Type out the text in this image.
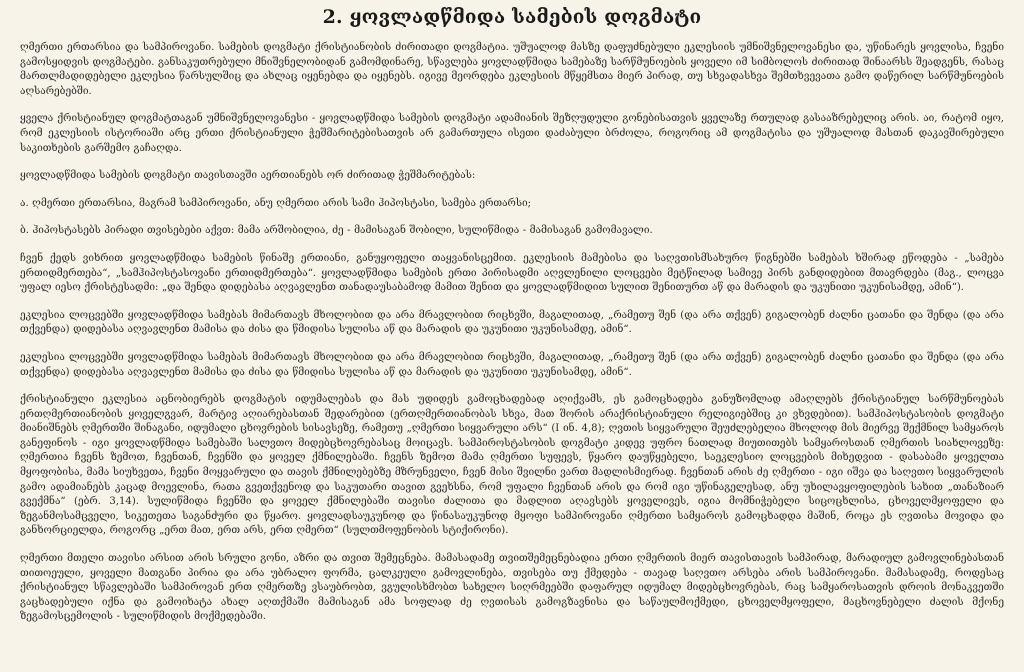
2. ყოვლადწმიდა სამების დოგმატი

ღმერთი ერთარსია და სამპიროვანი. სამების დოგმატი ქრისტიანობის ძირითადი დოგმატია. უშუალოდ მასზე დაფუძნებული ეკლესიის უმნიშვნელოვანესი და, უწინარეს ყოვლისა, ჩვენი გამოსყიდვის დოგმატები. განსაკუთრებული მნიშვნელობიდან გამომდინარე, სწავლება ყოვლადწმიდა სამებაზე სარწმუნოების ყოველი იმ სიმბოლოს ძირითად შინაარსს შეადგენს, რასაც მართლმადიდებელი ეკლესია წარსულშიც და ახლაც იყენებდა და იყენებს. იგივე მეორდება ეკლესიის მწყემსთა მიერ პირად, თუ სხვადასხვა შემთხვევათა გამო დაწერილ სარწმუნოების აღსარებებში.

ყველა ქრისტიანულ დოგმატთაგან უმნიშვნელოვანესი - ყოვლადწმიდა სამების დოგმატი ადამიანის შეზღუდული გონებისათვის ყველაზე რთულად გასააზრებელიც არის. აი, რატომ იყო, რომ ეკლესიის ისტორიაში არც ერთი ქრისტიანული ჭეშმარიტებისათვის არ გამართულა ისეთი დაძაბული ბრძოლა, როგორიც ამ დოგმატისა და უშუალოდ მასთან დაკავშირებული საკითხების გარშემო გაჩაღდა.

ყოვლადწმიდა სამების დოგმატი თავისთავში აერთიანებს ორ ძირითად ჭეშმარიტებას:

ა. ღმერთი ერთარსია, მაგრამ სამპიროვანი, ანუ ღმერთი არის სამი ჰიპოსტასი, სამება ერთარსი;

ბ. ჰიპოსტასებს პირადი თვისებები აქვთ: მამა არშობილია, ძე - მამისაგან შობილი, სულიწმიდა - მამისაგან გამომავალი.

ჩვენ ქედს ვიხრით ყოვლადწმიდა სამების წინაშე ერთიანი, განუყოფელი თაყვანისცემით. ეკლესიის მამებისა და საღვთისმსახურო წიგნებში სამებას ხშირად ეწოდება - „სამება ერთიდმერთება“, „სამჰიპოსტასოვანი ერთიდმერთება“. ყოვლადწმიდა სამების ერთი პირისადმი აღვლენილი ლოცვები მეტწილად სამივე პირს განდიდებით მთავრდება (მაგ., ლოცვა უფალ იესო ქრისტესადმი: „და შენდა დიდებასა აღვავლენთ თანადაუსაბამოდ მამით შენით და ყოვლადწმიდით სულით შენითურთ აწ და მარადის და უკუნითი უკუნისამდე, ამინ“).

ეკლესია ლოცვებში ყოვლადწმიდა სამებას მიმართავს მხოლობით და არა მრავლობით რიცხვში, მაგალითად, „რამეთუ შენ (და არა თქვენ) გიგალობენ ძალნი ცათანი და შენდა (და არა თქვენდა) დიდებასა აღვავლენთ მამისა და ძისა და წმიდისა სულისა აწ და მარადის და უკუნითი უკუნისამდე, ამინ“.

ეკლესია ლოცვებში ყოვლადწმიდა სამებას მიმართავს მხოლობით და არა მრავლობით რიცხვში, მაგალითად, „რამეთუ შენ (და არა თქვენ) გიგალობენ ძალნი ცათანი და შენდა (და არა თქვენდა) დიდებასა აღვავლენთ მამისა და ძისა და წმიდისა სულისა აწ და მარადის და უკუნითი უკუნისამდე, ამინ“.

ქრისტიანული ეკლესია აცნობიერებს დოგმატის იდუმალებას და მას უდიდეს გამოცხადებად აღიქვამს, ეს გამოცხადება განუზომლად ამაღლებს ქრისტიანულ სარწმუნოებას ერთღმერთიანობის ყოველგვარ, მარტივ აღიარებასთან შედარებით (ერთღმერთიანობას სხვა, მათ შორის არაქრისტიანული რელიგიებშიც კი ვხვდებით). სამჰიპოსტასობის დოგმატი მიანიშნებს ღმერთში შინაგანი, იდუმალი ცხოვრების სისავსეზე, რამეთუ „ღმერთი სიყვარული არს“ (I ინ. 4,8); ღვთის სიყვარული შეუძლებელია მხოლოდ მის მიერვე შექმნილ სამყაროს განეფინოს - იგი ყოვლადწმიდა სამებაში სალვთო მიდებცხოვრებასაც მოიცავს. სამპიროსტასობის დოგმატი კიდევ უფრო ნათლად მიუთითებს სამყაროსთან ღმერთის სიახლოვეზე: ღმერთია ჩვენს ზემოთ, ჩვენთან, ჩვენში და ყოველ ქმნილებაში. ჩვენს ზემოთ მამა ღმერთი სუფევს, წყარო დაუწყებელი, საეკლესიო ლოცვების მიხედვით - დასაბამი ყოველთა მყოფობისა, მამა სიუხვეთა, ჩვენი მოყვარული და თავის ქმნილებებზე მზრუნველი, ჩვენ მისი შვილნი ვართ მადლისმიერად. ჩვენთან არის ძე ღმერთი - იგი იშვა და საღვთო სიყვარულის გამო ადამიანებს კაცად მოევლინა, რათა გვეთქვენოდ და საკუთარი თავით გვეხსნა, რომ უფალი ჩვენთან არის და რომ იგი უწინაგელესად, ანუ უხილავყოფილების სახით „თანაზიარ გვექმნა“ (ებრ. 3,14). სულიწმიდა ჩვენში და ყოველ ქმნილებაში თავისი ძალითა და მადლით აღავსებს ყოველივეს, იგია მომნიჭებელი სიცოცხლისა, ცხოველმყოფელი და ზეგანმოსამცველი, სიკეთეთა საგანძური და წყარო. ყოვლადსაუკუნოდ და წინასაუკუნოდ მყოფი სამპიროვანი ღმერთი სამყაროს გამოცხადდა მაშინ, როცა ეს ღვთისა მოვიდა და განხორციელდა, როგორც „ერთ მათ, ერთ არს, ერთ ღმერთ“ (სულთმოფენობის სტიქირონი).

ღმერთი მთელი თავისი არსით არის სრული გონი, აზრი და თვით შემეცნება. მამასადამე თვითშემეცნებადია ერთი ღმერთის მიერ თავისთავის სამპირად, მარადიულ გამოვლინებასთან თითოეული, ყოველი მათგანი პირია და არა უბრალო ფორმა, ცალკეული გამოვლინება, თვისება თუ ქმედება - თავად საღვთო არსება არის სამპიროვანი. მამასადამე, როდესაც ქრისტიანულ სწავლებაში სამპიროვან ერთ ღმერთზე ვსაუბრობთ, ვგულისხმობთ სახელო სიღრმეებში დაფარულ იდუმალ მიდებცხოვრებას, რაც სამყაროსათვის დროის მონაკვეთში გაცხადებული იქნა და გამოიხატა ახალ აღთქმაში მამისაგან ამა სოფლად ძე ღვთისას გამოგზავნისა და საწაულმოქმედი, ცხოველმყოფელი, მაცხოვნებელი ძალის მქონე ზეგამოსცემოლის - სულიწმიდის მოქმედებაში.
